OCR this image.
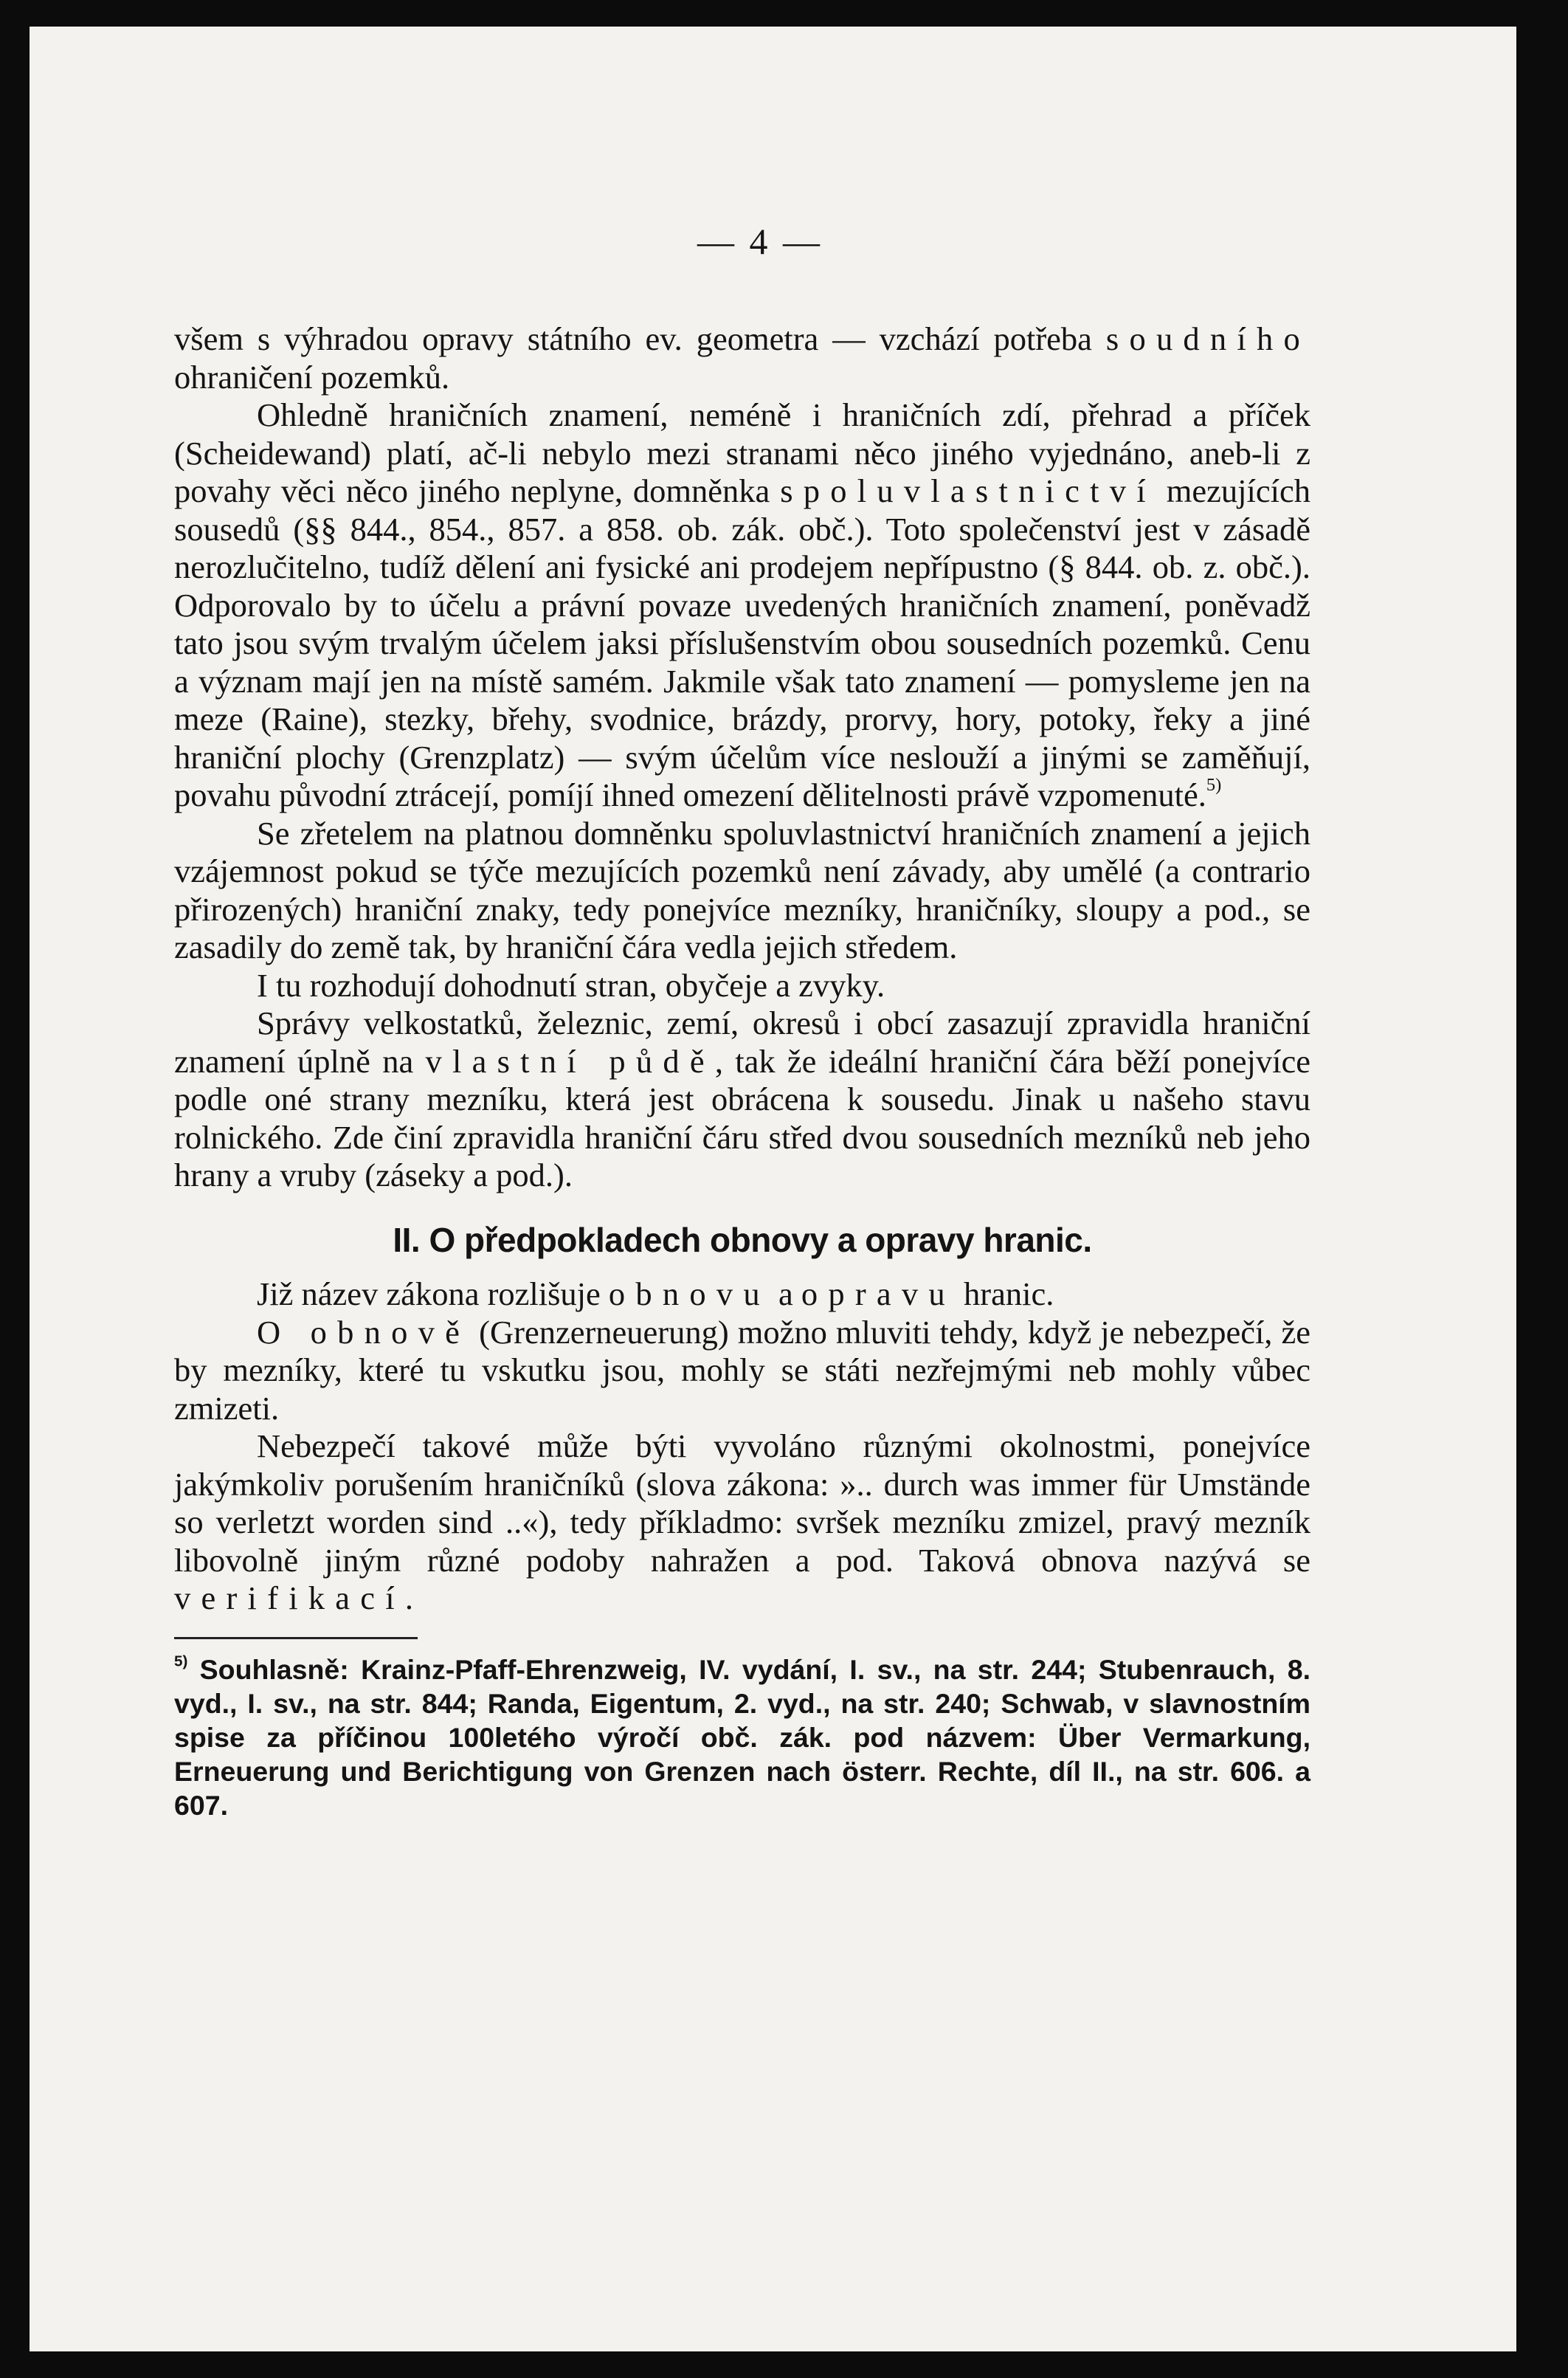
— 4 —

všem s výhradou opravy státního ev. geometra — vzchází potřeba soudního ohraničení pozemků.

Ohledně hraničních znamení, neméně i hraničních zdí, přehrad a příček (Scheidewand) platí, ač-li nebylo mezi stranami něco jiného vyjednáno, aneb-li z povahy věci něco jiného neplyne, domněnka spoluvlastnictví mezujících sousedů (§§ 844., 854., 857. a 858. ob. zák. obč.). Toto společenství jest v zásadě nerozlučitelno, tudíž dělení ani fysické ani prodejem nepřípustno (§ 844. ob. z. obč.). Odporovalo by to účelu a právní povaze uvedených hraničních znamení, poněvadž tato jsou svým trvalým účelem jaksi příslušenstvím obou sousedních pozemků. Cenu a význam mají jen na místě samém. Jakmile však tato znamení — pomysleme jen na meze (Raine), stezky, břehy, svodnice, brázdy, prorvy, hory, potoky, řeky a jiné hraniční plochy (Grenzplatz) — svým účelům více neslouží a jinými se zaměňují, povahu původní ztrácejí, pomíjí ihned omezení dělitelnosti právě vzpomenuté.$^{5)}$

Se zřetelem na platnou domněnku spoluvlastnictví hraničních znamení a jejich vzájemnost pokud se týče mezujících pozemků není závady, aby umělé (a contrario přirozených) hraniční znaky, tedy ponejvíce mezníky, hraničníky, sloupy a pod., se zasadily do země tak, by hraniční čára vedla jejich středem.

I tu rozhodují dohodnutí stran, obyčeje a zvyky.

Správy velkostatků, železnic, zemí, okresů i obcí zasazují zpravidla hraniční znamení úplně na vlastní půdě, tak že ideální hraniční čára běží ponejvíce podle oné strany mezníku, která jest obrácena k sousedu. Jinak u našeho stavu rolnického. Zde činí zpravidla hraniční čáru střed dvou sousedních mezníků neb jeho hrany a vruby (záseky a pod.).

II. O předpokladech obnovy a opravy hranic.

Již název zákona rozlišuje obnovu a opravu hranic.

O obnově (Grenzerneuerung) možno mluviti tehdy, když je nebezpečí, že by mezníky, které tu vskutku jsou, mohly se státi nezřejmými neb mohly vůbec zmizeti.

Nebezpečí takové může býti vyvoláno různými okolnostmi, ponejvíce jakýmkoliv porušením hraničníků (slova zákona: ».. durch was immer für Umstände so verletzt worden sind ..«), tedy příkladmo: svršek mezníku zmizel, pravý mezník libovolně jiným různé podoby nahražen a pod. Taková obnova nazývá se verifikací.

$^{5)}$ Souhlasně: Krainz-Pfaff-Ehrenzweig, IV. vydání, I. sv., na str. 244; Stubenrauch, 8. vyd., I. sv., na str. 844; Randa, Eigentum, 2. vyd., na str. 240; Schwab, v slavnostním spise za příčinou 100letého výročí obč. zák. pod názvem: Über Vermarkung, Erneuerung und Berichtigung von Grenzen nach österr. Rechte, díl II., na str. 606. a 607.
